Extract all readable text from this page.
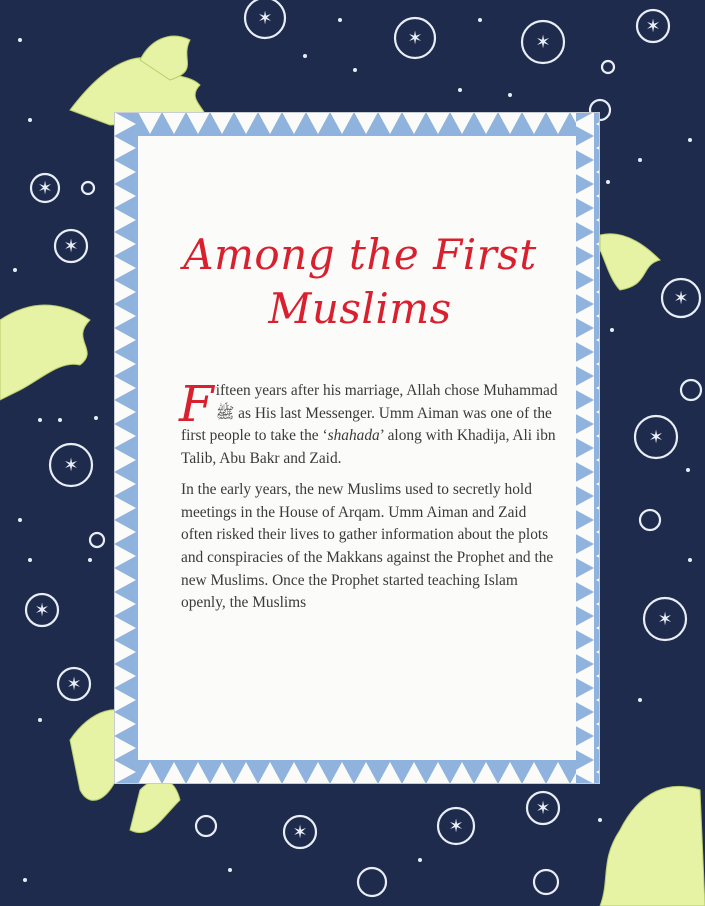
✶
✶	✶
✶
✶
✶
✶
✶
✶
✶
✶
✶
✶	✶
✶
Among the First Muslims

Fifteen years after his marriage, Allah chose Muhammad ﷺ as His last Messenger. Umm Aiman was one of the first people to take the ‘shahada’ along with Khadija, Ali ibn Talib, Abu Bakr and Zaid.

In the early years, the new Muslims used to secretly hold meetings in the House of Arqam. Umm Aiman and Zaid often risked their lives to gather information about the plots and conspiracies of the Makkans against the Prophet and the new Muslims. Once the Prophet started teaching Islam openly, the Muslims
